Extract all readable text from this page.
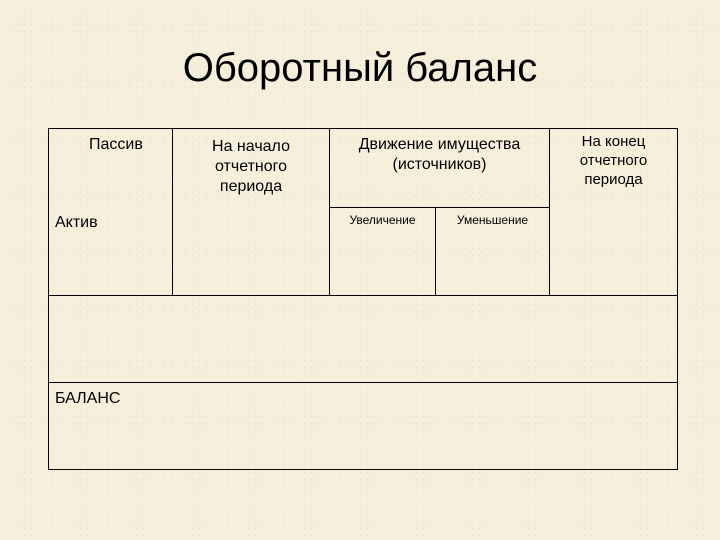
Оборотный баланс
Пассив
Актив
На начало
отчетного
периода
Движение имущества
(источников)
Увеличение	Уменьшение
На конец
отчетного
периода
БАЛАНС
